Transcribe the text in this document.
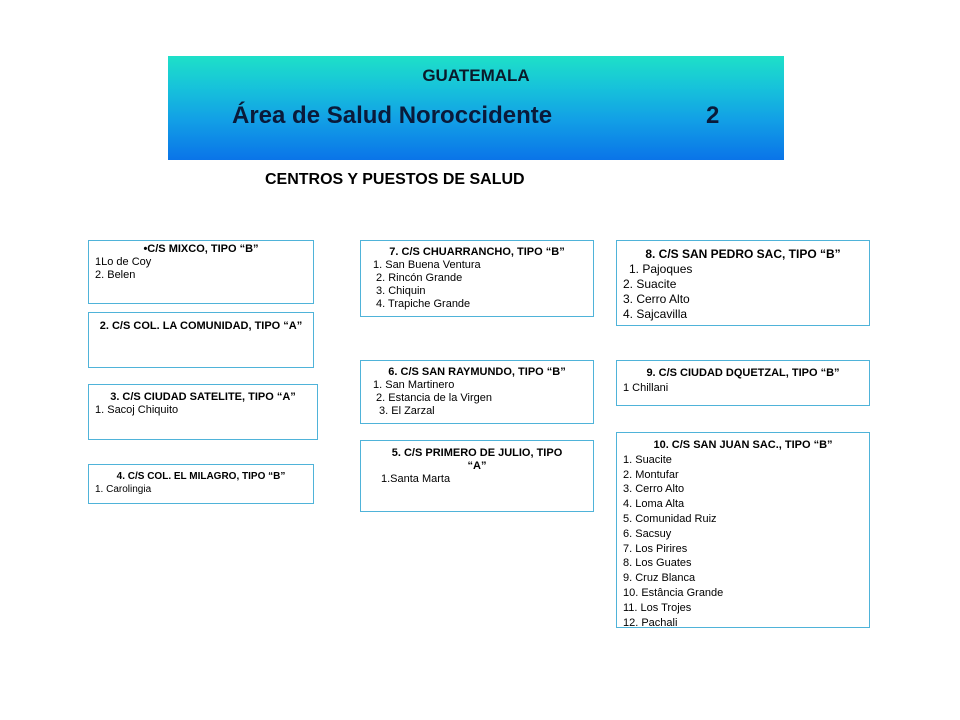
GUATEMALA
Área de Salud Noroccidente	2
CENTROS Y PUESTOS DE SALUD
•C/S MIXCO, TIPO “B”
1Lo de Coy
2. Belen
2. C/S COL. LA COMUNIDAD, TIPO “A”
3. C/S CIUDAD SATELITE, TIPO “A”
1. Sacoj Chiquito
4. C/S COL. EL MILAGRO, TIPO “B”
1. Carolingia
7. C/S CHUARRANCHO, TIPO “B”
1. San Buena Ventura
2. Rincón Grande
3. Chiquin
4. Trapiche Grande
6. C/S SAN RAYMUNDO, TIPO “B”
1. San Martinero
2. Estancia de la Virgen
3. El Zarzal
5. C/S PRIMERO DE JULIO, TIPO “A”
1.Santa Marta
8. C/S SAN PEDRO SAC, TIPO “B”
1. Pajoques
2. Suacite
3. Cerro Alto
4. Sajcavilla
9. C/S CIUDAD DQUETZAL, TIPO “B”
1 Chillani
10. C/S SAN JUAN SAC., TIPO “B”
1. Suacite
2. Montufar
3. Cerro Alto
4. Loma Alta
5. Comunidad Ruiz
6. Sacsuy
7. Los Pirires
8. Los Guates
9. Cruz Blanca
10. Estância Grande
11. Los Trojes
12. Pachali
